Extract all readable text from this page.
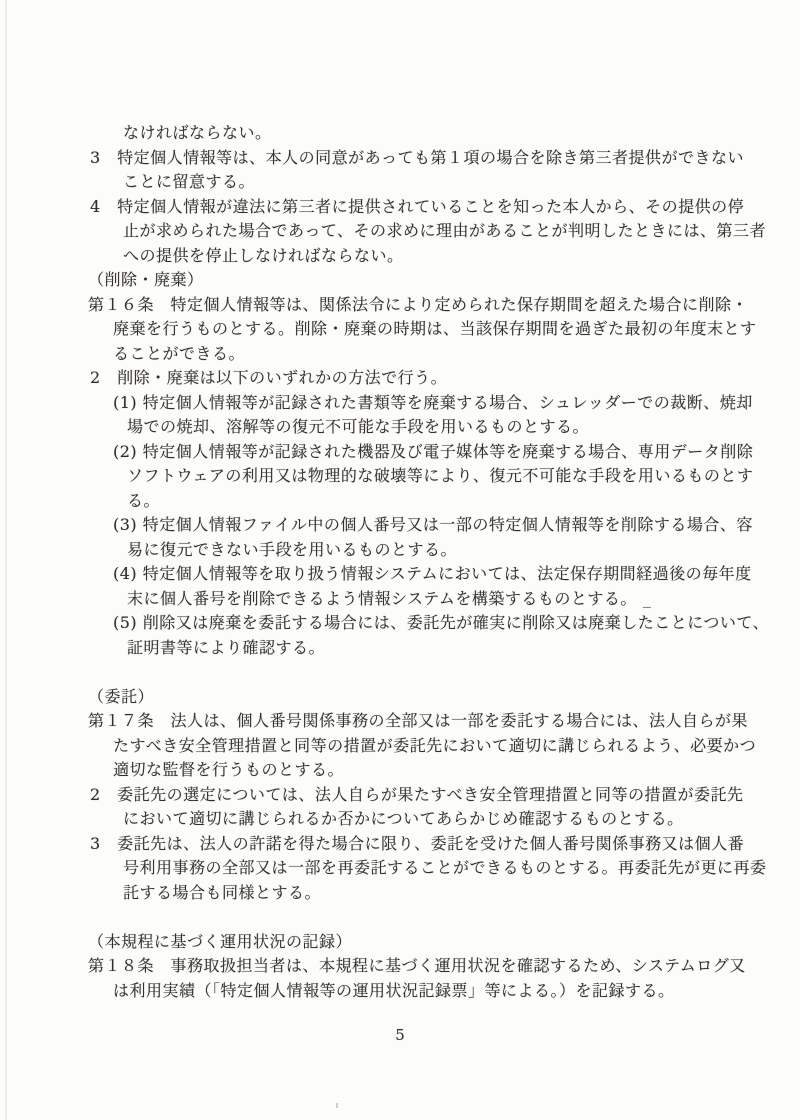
なければならない。
3　特定個人情報等は、本人の同意があっても第１項の場合を除き第三者提供ができない
ことに留意する。
4　特定個人情報が違法に第三者に提供されていることを知った本人から、その提供の停
止が求められた場合であって、その求めに理由があることが判明したときには、第三者
への提供を停止しなければならない。
（削除・廃棄）
第１６条　特定個人情報等は、関係法令により定められた保存期間を超えた場合に削除・
廃棄を行うものとする。削除・廃棄の時期は、当該保存期間を過ぎた最初の年度末とす
ることができる。
2　削除・廃棄は以下のいずれかの方法で行う。
(1) 特定個人情報等が記録された書類等を廃棄する場合、シュレッダーでの裁断、焼却
場での焼却、溶解等の復元不可能な手段を用いるものとする。
(2) 特定個人情報等が記録された機器及び電子媒体等を廃棄する場合、専用データ削除
ソフトウェアの利用又は物理的な破壊等により、復元不可能な手段を用いるものとす
る。
(3) 特定個人情報ファイル中の個人番号又は一部の特定個人情報等を削除する場合、容
易に復元できない手段を用いるものとする。
(4) 特定個人情報等を取り扱う情報システムにおいては、法定保存期間経過後の毎年度
末に個人番号を削除できるよう情報システムを構築するものとする。 _
(5) 削除又は廃棄を委託する場合には、委託先が確実に削除又は廃棄したことについて、
証明書等により確認する。
（委託）
第１７条　法人は、個人番号関係事務の全部又は一部を委託する場合には、法人自らが果
たすべき安全管理措置と同等の措置が委託先において適切に講じられるよう、必要かつ
適切な監督を行うものとする。
2　委託先の選定については、法人自らが果たすべき安全管理措置と同等の措置が委託先
において適切に講じられるか否かについてあらかじめ確認するものとする。
3　委託先は、法人の許諾を得た場合に限り、委託を受けた個人番号関係事務又は個人番
号利用事務の全部又は一部を再委託することができるものとする。再委託先が更に再委
託する場合も同様とする。
（本規程に基づく運用状況の記録）
第１８条　事務取扱担当者は、本規程に基づく運用状況を確認するため、システムログ又
は利用実績（「特定個人情報等の運用状況記録票」等による。）を記録する。
5
